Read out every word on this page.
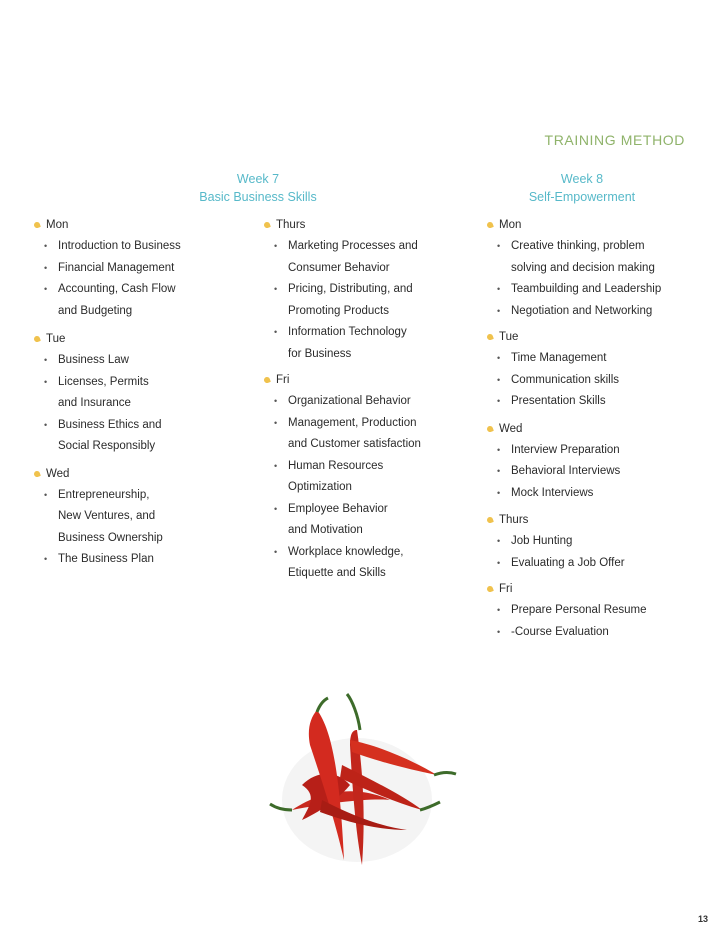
TRAINING METHOD
Week 7
Basic Business Skills
Week 8
Self-Empowerment
Mon
• Introduction to Business
• Financial Management
• Accounting, Cash Flow
and Budgeting
Tue
• Business Law
• Licenses, Permits
and Insurance
• Business Ethics and
Social Responsibly
Wed
• Entrepreneurship,
New Ventures, and
Business Ownership
• The Business Plan
Thurs
• Marketing Processes and
Consumer Behavior
• Pricing, Distributing, and
Promoting Products
• Information Technology
for Business
Fri
• Organizational Behavior
• Management, Production
and Customer satisfaction
• Human Resources
Optimization
• Employee Behavior
and Motivation
• Workplace knowledge,
Etiquette and Skills
Mon
• Creative thinking, problem
solving and decision making
• Teambuilding and Leadership
• Negotiation and Networking
Tue
• Time Management
• Communication skills
• Presentation Skills
Wed
• Interview Preparation
• Behavioral Interviews
• Mock Interviews
Thurs
• Job Hunting
• Evaluating a Job Offer
Fri
• Prepare Personal Resume
• -Course Evaluation
13
